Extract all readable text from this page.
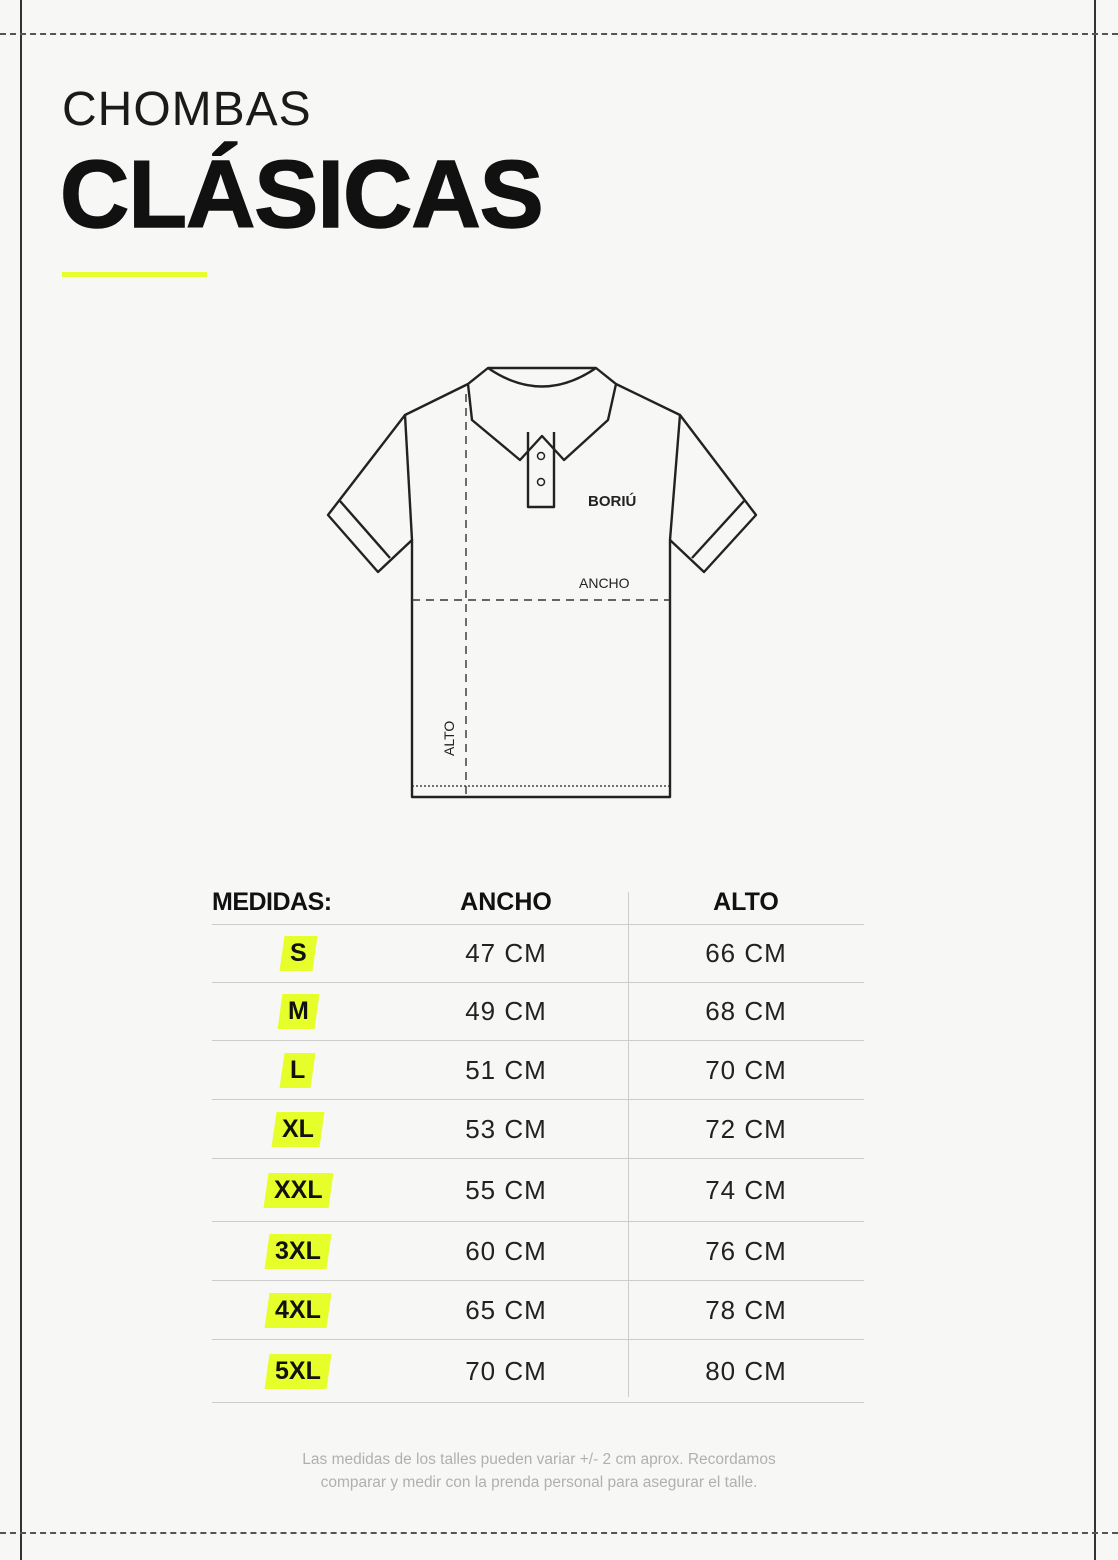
CHOMBAS
CLÁSICAS
BORIÚ
ANCHO
ALTO
MEDIDAS:	ANCHO	ALTO
S	47 CM	66 CM
M	49 CM	68 CM
L	51 CM	70 CM
XL	53 CM	72 CM
XXL	55 CM	74 CM
3XL	60 CM	76 CM
4XL	65 CM	78 CM
5XL	70 CM	80 CM
Las medidas de los talles pueden variar +/- 2 cm aprox. Recordamos
comparar y medir con la prenda personal para asegurar el talle.
